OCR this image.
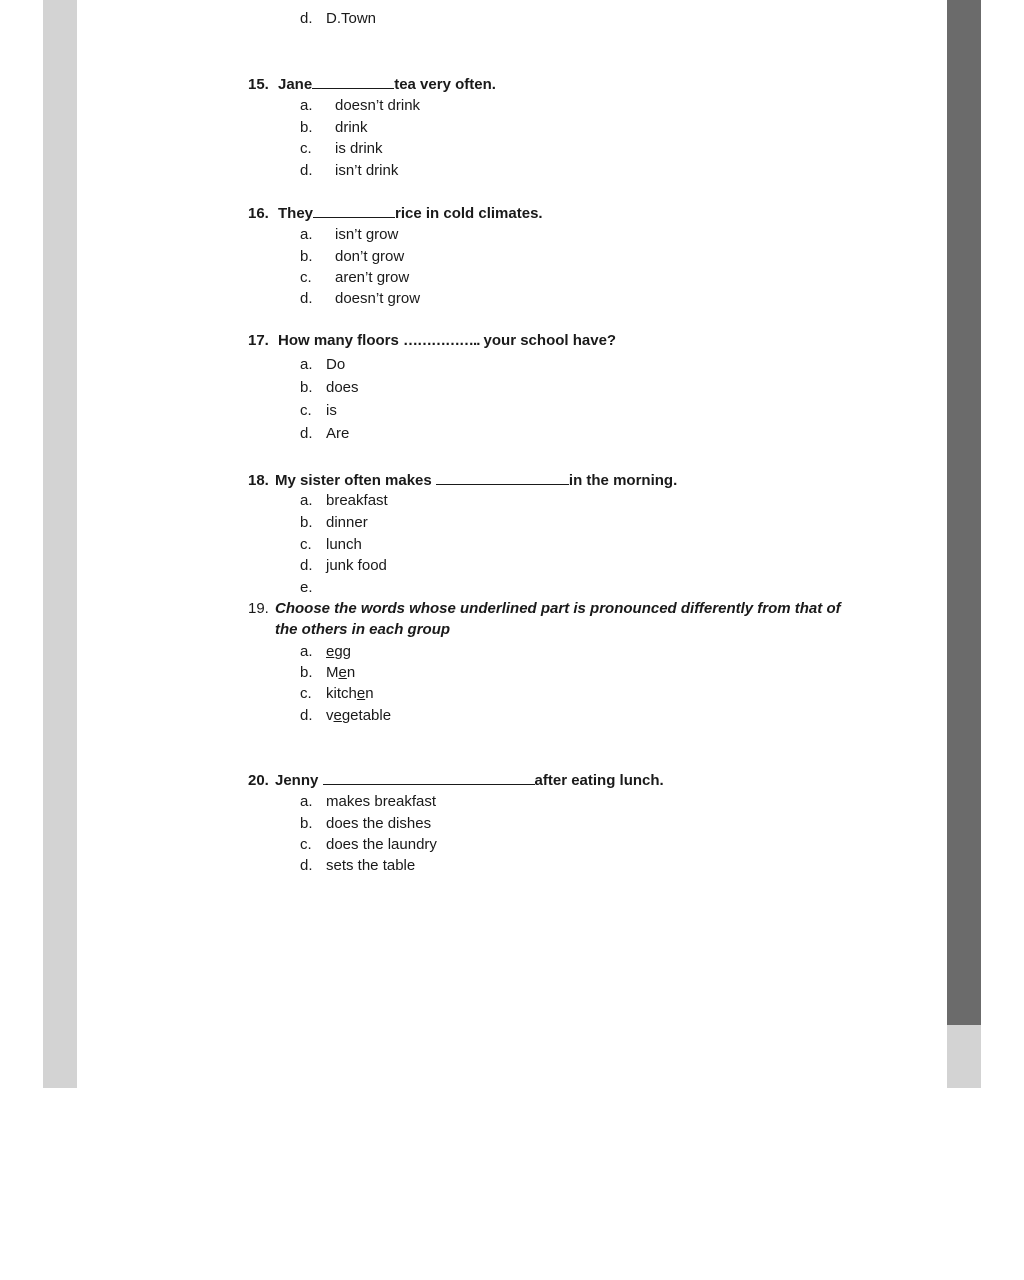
d. D.Town
15. Jane	tea very often.
a. doesn’t drink
b. drink
c. is drink
d. isn’t drink
16. They	rice in cold climates.
a. isn’t grow
b. don’t grow
c. aren’t grow
d. doesn’t grow
17. How many floors …………….. your school have?
a. Do
b. does
c. is
d. Are
18. My sister often makes	in the morning.
a. breakfast
b. dinner
c. lunch
d. junk food
e.
19. Choose the words whose underlined part is pronounced differently from that of
the others in each group
a. egg
b. Men
c. kitchen
d. vegetable
20. Jenny	after eating lunch.
a. makes breakfast
b. does the dishes
c. does the laundry
d. sets the table
